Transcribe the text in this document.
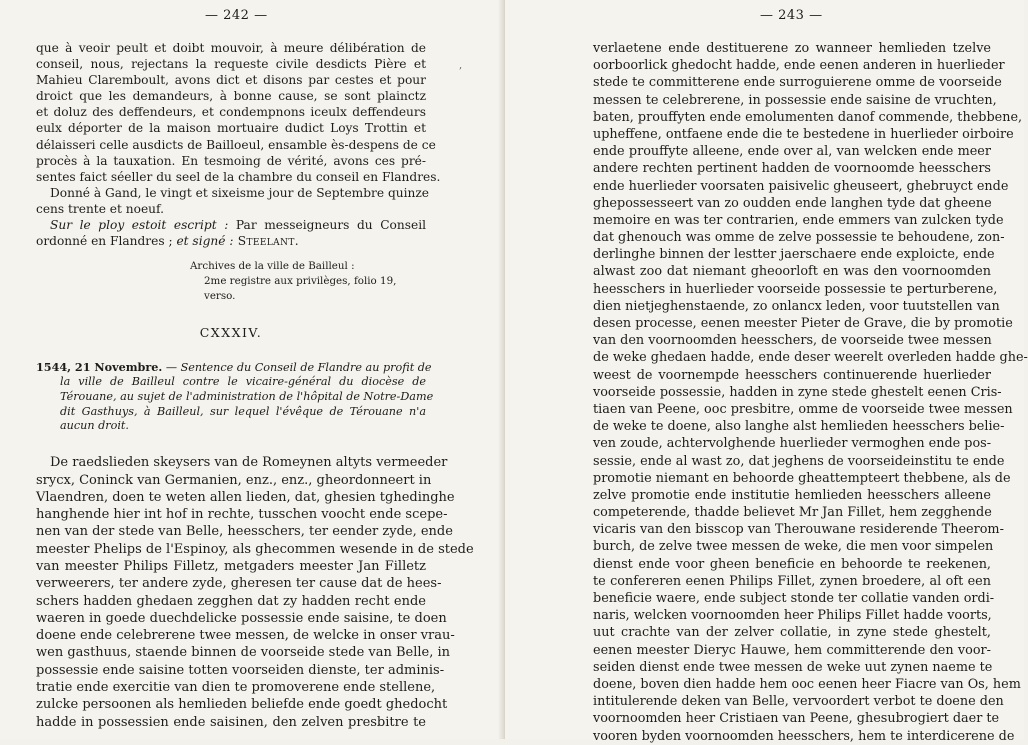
— 242 —
que à veoir peult et doibt mouvoir, à meure délibération de
conseil, nous, rejectans la requeste civile desdicts Pière et
Mahieu Claremboult, avons dict et disons par cestes et pour
droict que les demandeurs, à bonne cause, se sont plainctz
et doluz des deffendeurs, et condempnons iceulx deffendeurs
eulx déporter de la maison mortuaire dudict Loys Trottin et
délaisseri celle ausdicts de Bailloeul, ensamble ès-despens de ce
procès à la tauxation. En tesmoing de vérité, avons ces pré-
sentes faict séeller du seel de la chambre du conseil en Flandres.
Donné à Gand, le vingt et sixeisme jour de Septembre quinze
cens trente et noeuf.
Sur le ploy estoit escript : Par messeigneurs du Conseil
ordonné en Flandres ; et signé : Steelant.
Archives de la ville de Bailleul :
2me registre aux privilèges, folio 19,
verso.
CXXXIV.
1544, 21 Novembre. — Sentence du Conseil de Flandre au profit de
la ville de Bailleul contre le vicaire-général du diocèse de
Térouane, au sujet de l'administration de l'hôpital de Notre-Dame
dit Gasthuys, à Bailleul, sur lequel l'évêque de Térouane n'a
aucun droit.
De raedslieden skeysers van de Romeynen altyts vermeeder
srycx, Coninck van Germanien, enz., enz., gheordonneert in
Vlaendren, doen te weten allen lieden, dat, ghesien tghedinghe
hanghende hier int hof in rechte, tusschen voocht ende scepe-
nen van der stede van Belle, heesschers, ter eender zyde, ende
meester Phelips de l'Espinoy, als ghecommen wesende in de stede
van meester Philips Filletz, metgaders meester Jan Filletz
verweerers, ter andere zyde, gheresen ter cause dat de hees-
schers hadden ghedaen zegghen dat zy hadden recht ende
waeren in goede duechdelicke possessie ende saisine, te doen
doene ende celebrerene twee messen, de welcke in onser vrau-
wen gasthuus, staende binnen de voorseide stede van Belle, in
possessie ende saisine totten voorseiden dienste, ter adminis-
tratie ende exercitie van dien te promoverene ende stellene,
zulcke persoonen als hemlieden beliefde ende goedt ghedocht
hadde in possessien ende saisinen, den zelven presbitre te
,
— 243 —
verlaetene ende destituerene zo wanneer hemlieden tzelve
oorboorlick ghedocht hadde, ende eenen anderen in huerlieder
stede te committerene ende surroguierene omme de voorseide
messen te celebrerene, in possessie ende saisine de vruchten,
baten, prouffyten ende emolumenten danof commende, thebbene,
upheffene, ontfaene ende die te bestedene in huerlieder oirboire
ende prouffyte alleene, ende over al, van welcken ende meer
andere rechten pertinent hadden de voornoomde heesschers
ende huerlieder voorsaten paisivelic gheuseert, ghebruyct ende
ghepossesseert van zo oudden ende langhen tyde dat gheene
memoire en was ter contrarien, ende emmers van zulcken tyde
dat ghenouch was omme de zelve possessie te behoudene, zon-
derlinghe binnen der lestter jaerschaere ende exploicte, ende
alwast zoo dat niemant gheoorloft en was den voornoomden
heesschers in huerlieder voorseide possessie te perturberene,
dien nietjeghenstaende, zo onlancx leden, voor tuutstellen van
desen processe, eenen meester Pieter de Grave, die by promotie
van den voornoomden heesschers, de voorseide twee messen
de weke ghedaen hadde, ende deser weerelt overleden hadde ghe-
weest de voornempde heesschers continuerende huerlieder
voorseide possessie, hadden in zyne stede ghestelt eenen Cris-
tiaen van Peene, ooc presbitre, omme de voorseide twee messen
de weke te doene, also langhe alst hemlieden heesschers belie-
ven zoude, achtervolghende huerlieder vermoghen ende pos-
sessie, ende al wast zo, dat jeghens de voorseideinstitu te ende
promotie niemant en behoorde gheattempteert thebbene, als de
zelve promotie ende institutie hemlieden heesschers alleene
competerende, thadde believet Mr Jan Fillet, hem zegghende
vicaris van den bisscop van Therouwane residerende Theerom-
burch, de zelve twee messen de weke, die men voor simpelen
dienst ende voor gheen beneficie en behoorde te reekenen,
te confereren eenen Philips Fillet, zynen broedere, al oft een
beneficie waere, ende subject stonde ter collatie vanden ordi-
naris, welcken voornoomden heer Philips Fillet hadde voorts,
uut crachte van der zelver collatie, in zyne stede ghestelt,
eenen meester Dieryc Hauwe, hem committerende den voor-
seiden dienst ende twee messen de weke uut zynen naeme te
doene, boven dien hadde hem ooc eenen heer Fiacre van Os, hem
intitulerende deken van Belle, vervoordert verbot te doene den
voornoomden heer Cristiaen van Peene, ghesubrogiert daer te
vooren byden voornoomden heesschers, hem te interdicerene de
